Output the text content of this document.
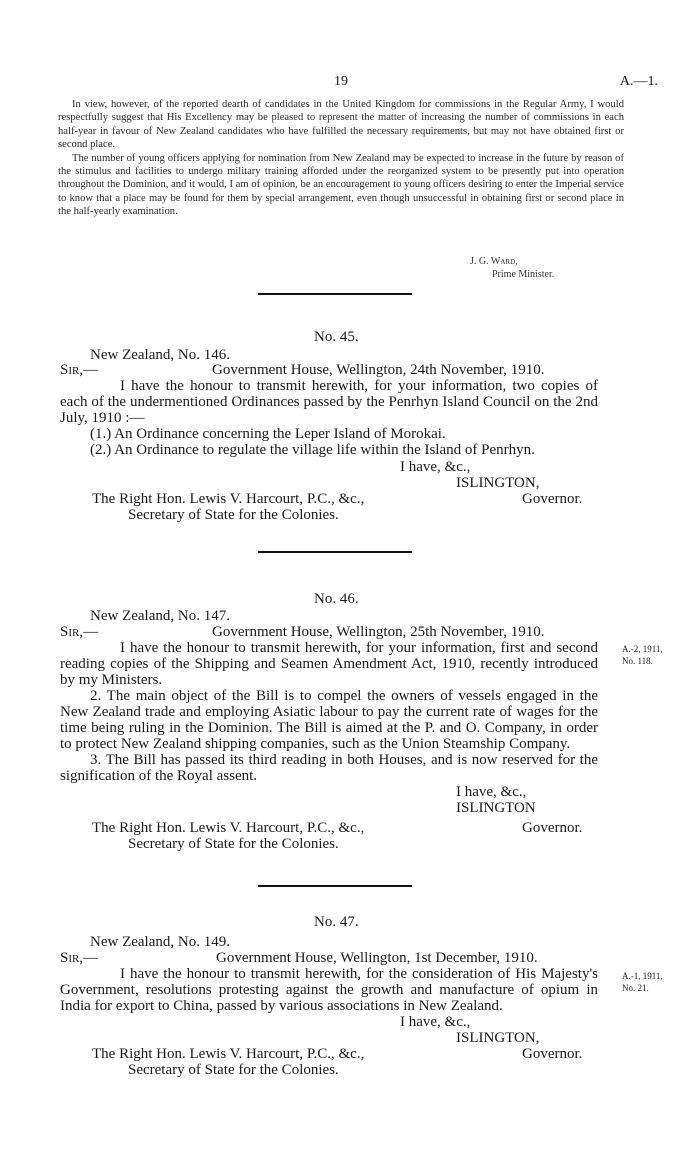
19	A.—1.

In view, however, of the reported dearth of candidates in the United Kingdom for commissions in the Regular Army, I would respectfully suggest that His Excellency may be pleased to represent the matter of increasing the number of commissions in each half-year in favour of New Zealand candidates who have fulfilled the necessary requirements, but may not have obtained first or second place.

The number of young officers applying for nomination from New Zealand may be expected to increase in the future by reason of the stimulus and facilities to undergo military training afforded under the reorganized system to be presently put into operation throughout the Dominion, and it would, I am of opinion, be an encouragement to young officers desiring to enter the Imperial service to know that a place may be found for them by special arrangement, even though unsuccessful in obtaining first or second place in the half-yearly examination.

J. G. Ward,
Prime Minister.
No. 45.
New Zealand, No. 146.
Sir,—	Government House, Wellington, 24th November, 1910.

I have the honour to transmit herewith, for your information, two copies of each of the undermentioned Ordinances passed by the Penrhyn Island Council on the 2nd July, 1910 :—

(1.) An Ordinance concerning the Leper Island of Morokai.

(2.) An Ordinance to regulate the village life within the Island of Penrhyn.

I have, &c.,
ISLINGTON,
The Right Hon. Lewis V. Harcourt, P.C., &c.,	Governor.
Secretary of State for the Colonies.
No. 46.
New Zealand, No. 147.
Sir,—	Government House, Wellington, 25th November, 1910.

I have the honour to transmit herewith, for your information, first and second reading copies of the Shipping and Seamen Amendment Act, 1910, recently introduced by my Ministers.

2. The main object of the Bill is to compel the owners of vessels engaged in the New Zealand trade and employing Asiatic labour to pay the current rate of wages for the time being ruling in the Dominion. The Bill is aimed at the P. and O. Company, in order to protect New Zealand shipping companies, such as the Union Steamship Company.

3. The Bill has passed its third reading in both Houses, and is now reserved for the signification of the Royal assent.

A.-2, 1911,
No. 118.
I have, &c.,
ISLINGTON
The Right Hon. Lewis V. Harcourt, P.C., &c.,	Governor.
Secretary of State for the Colonies.
No. 47.
New Zealand, No. 149.
Sir,—	Government House, Wellington, 1st December, 1910.

I have the honour to transmit herewith, for the consideration of His Majesty's Government, resolutions protesting against the growth and manufacture of opium in India for export to China, passed by various associations in New Zealand.

A.-1, 1911,
No. 21.
I have, &c.,
ISLINGTON,
The Right Hon. Lewis V. Harcourt, P.C., &c.,	Governor.
Secretary of State for the Colonies.
